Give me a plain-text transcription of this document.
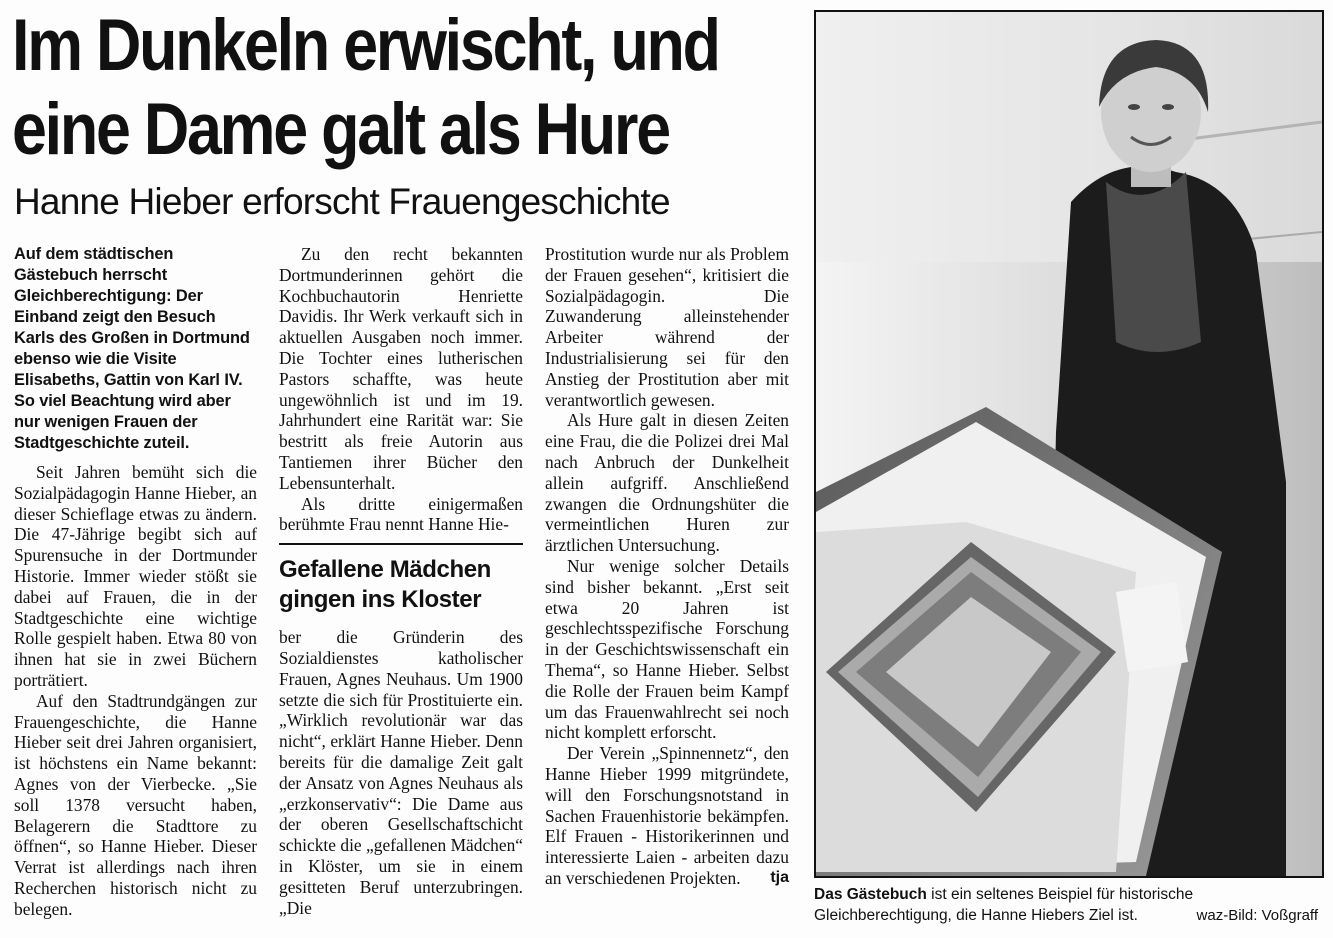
Im Dunkeln erwischt, und
eine Dame galt als Hure
Hanne Hieber erforscht Frauengeschichte
Auf dem städtischen Gästebuch herrscht Gleichberechtigung: Der Einband zeigt den Besuch Karls des Großen in Dortmund ebenso wie die Visite Elisabeths, Gattin von Karl IV. So viel Beachtung wird aber nur wenigen Frauen der Stadtgeschichte zuteil.

Seit Jahren bemüht sich die Sozialpädagogin Hanne Hieber, an dieser Schieflage etwas zu ändern. Die 47-Jährige begibt sich auf Spurensuche in der Dortmunder Historie. Immer wieder stößt sie dabei auf Frauen, die in der Stadtgeschichte eine wichtige Rolle gespielt haben. Etwa 80 von ihnen hat sie in zwei Büchern porträtiert.

Auf den Stadtrundgängen zur Frauengeschichte, die Hanne Hieber seit drei Jahren organisiert, ist höchstens ein Name bekannt: Agnes von der Vierbecke. „Sie soll 1378 versucht haben, Belagerern die Stadttore zu öffnen“, so Hanne Hieber. Dieser Verrat ist allerdings nach ihren Recherchen historisch nicht zu belegen.

Zu den recht bekannten Dortmunderinnen gehört die Kochbuchautorin Henriette Davidis. Ihr Werk verkauft sich in aktuellen Ausgaben noch immer. Die Tochter eines lutherischen Pastors schaffte, was heute ungewöhnlich ist und im 19. Jahrhundert eine Rarität war: Sie bestritt als freie Autorin aus Tantiemen ihrer Bücher den Lebensunterhalt.

Als dritte einigermaßen berühmte Frau nennt Hanne Hie-

Gefallene Mädchen gingen ins Kloster

ber die Gründerin des Sozialdienstes katholischer Frauen, Agnes Neuhaus. Um 1900 setzte die sich für Prostituierte ein. „Wirklich revolutionär war das nicht“, erklärt Hanne Hieber. Denn bereits für die damalige Zeit galt der Ansatz von Agnes Neuhaus als „erzkonservativ“: Die Dame aus der oberen Gesellschaftschicht schickte die „gefallenen Mädchen“ in Klöster, um sie in einem gesitteten Beruf unterzubringen. „Die

Prostitution wurde nur als Problem der Frauen gesehen“, kritisiert die Sozialpädagogin. Die Zuwanderung alleinstehender Arbeiter während der Industrialisierung sei für den Anstieg der Prostitution aber mit verantwortlich gewesen.

Als Hure galt in diesen Zeiten eine Frau, die die Polizei drei Mal nach Anbruch der Dunkelheit allein aufgriff. Anschließend zwangen die Ordnungshüter die vermeintlichen Huren zur ärztlichen Untersuchung.

Nur wenige solcher Details sind bisher bekannt. „Erst seit etwa 20 Jahren ist geschlechtsspezifische Forschung in der Geschichtswissenschaft ein Thema“, so Hanne Hieber. Selbst die Rolle der Frauen beim Kampf um das Frauenwahlrecht sei noch nicht komplett erforscht.

Der Verein „Spinnennetz“, den Hanne Hieber 1999 mitgründete, will den Forschungsnotstand in Sachen Frauenhistorie bekämpfen. Elf Frauen - Historikerinnen und interessierte Laien - arbeiten dazu an verschiedenen Projekten. tja

Das Gästebuch ist ein seltenes Beispiel für historische Gleichberechtigung, die Hanne Hiebers Ziel ist.	waz-Bild: Voßgraff
